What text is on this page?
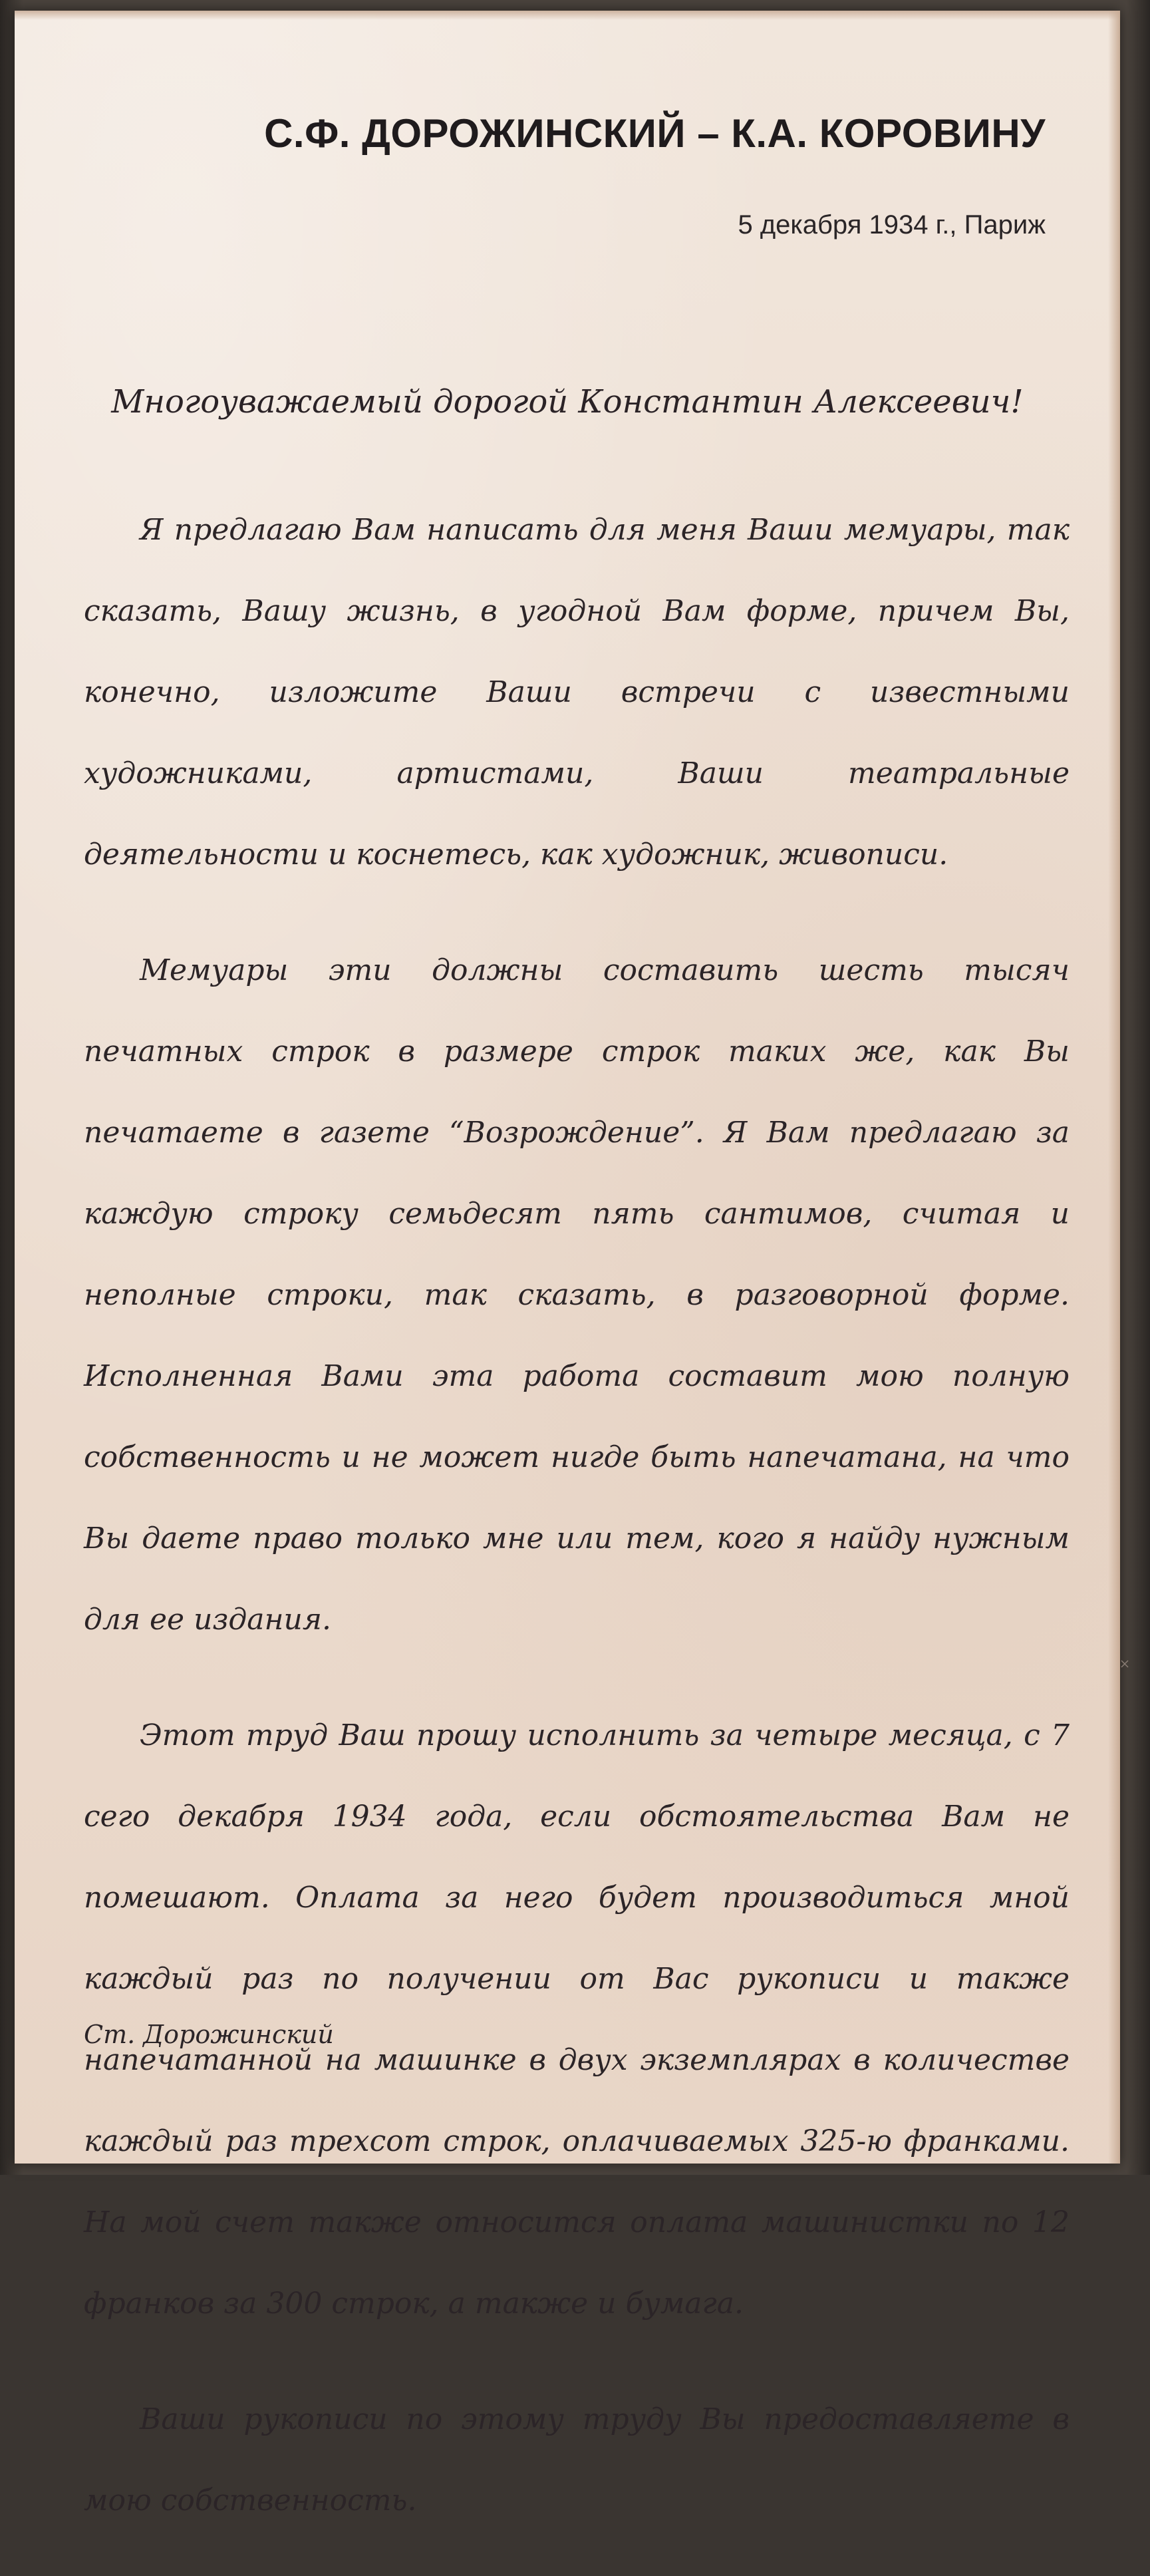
С.Ф. ДОРОЖИНСКИЙ – К.А. КОРОВИНУ

5 декабря 1934 г., Париж

Многоуважаемый дорогой Константин Алексеевич!

Я предлагаю Вам написать для меня Ваши мемуары, так сказать, Вашу жизнь, в угодной Вам форме, причем Вы, конечно, изложите Ваши встречи с известными художниками, артистами, Ваши театральные деятельности и коснетесь, как художник, живописи.

Мемуары эти должны составить шесть тысяч печатных строк в размере строк таких же, как Вы печатаете в газете “Возрождение”. Я Вам предлагаю за каждую строку семьдесят пять сантимов, считая и неполные строки, так сказать, в разговорной форме. Исполненная Вами эта работа составит мою полную собственность и не может нигде быть напечатана, на что Вы даете право только мне или тем, кого я найду нужным для ее издания.

Этот труд Ваш прошу исполнить за четыре месяца, с 7 сего декабря 1934 года, если обстоятельства Вам не помешают. Оплата за него будет производиться мной каждый раз по получении от Вас рукописи и также напечатанной на машинке в двух экземплярах в количестве каждый раз трехсот строк, оплачиваемых 325-ю франками. На мой счет также относится оплата машинистки по 12 франков за 300 строк, а также и бумага.

Ваши рукописи по этому труду Вы предоставляете в мою собственность.

Ст. Дорожинский
